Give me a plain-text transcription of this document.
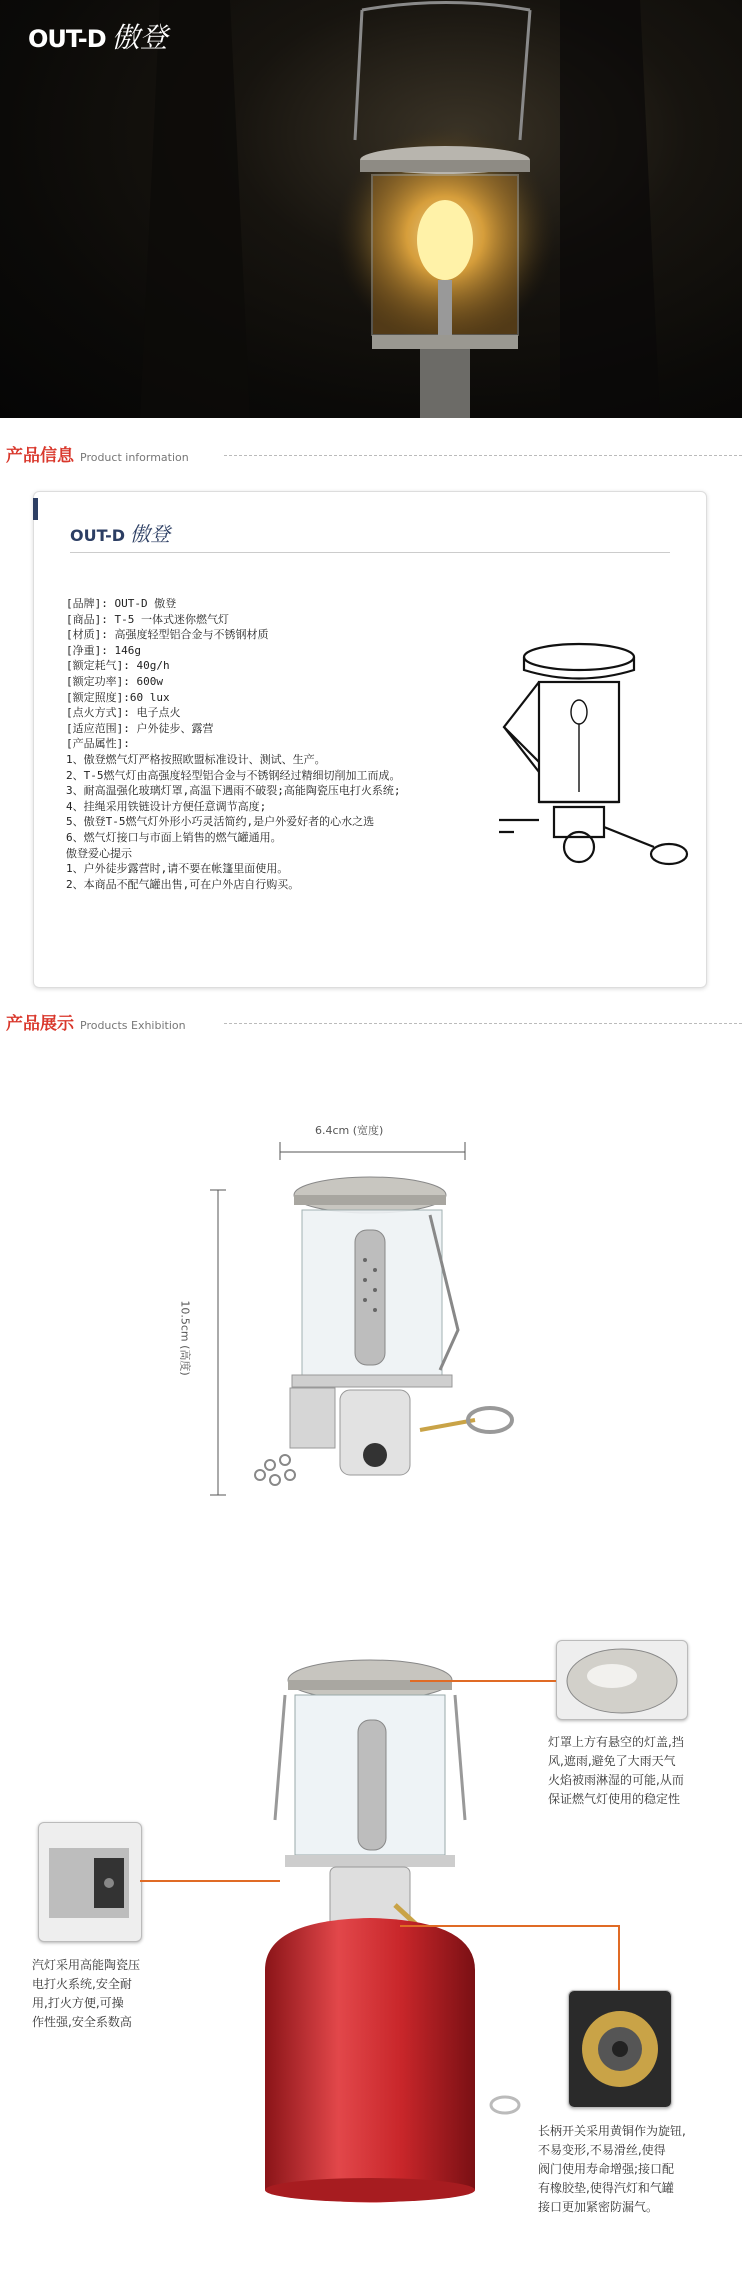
OUT-D 傲登
产品信息 Product information
OUT-D 傲登
[品牌]: OUT-D 傲登
[商品]: T-5 一体式迷你燃气灯
[材质]: 高强度轻型铝合金与不锈钢材质
[净重]: 146g
[额定耗气]: 40g/h
[额定功率]: 600w
[额定照度]:60 lux
[点火方式]: 电子点火
[适应范围]: 户外徒步、露营
[产品属性]:
1、傲登燃气灯严格按照欧盟标准设计、测试、生产。
2、T-5燃气灯由高强度轻型铝合金与不锈钢经过精细切削加工而成。
3、耐高温强化玻璃灯罩,高温下遇雨不破裂;高能陶瓷压电打火系统;
4、挂绳采用铁链设计方便任意调节高度;
5、傲登T-5燃气灯外形小巧灵活简约,是户外爱好者的心水之选
6、燃气灯接口与市面上销售的燃气罐通用。
傲登爱心提示
1、户外徒步露营时,请不要在帐篷里面使用。
2、本商品不配气罐出售,可在户外店自行购买。
产品展示 Products Exhibition
6.4cm (宽度)
10.5cm (高度)
灯罩上方有悬空的灯盖,挡
风,遮雨,避免了大雨天气
火焰被雨淋湿的可能,从而
保证燃气灯使用的稳定性
汽灯采用高能陶瓷压
电打火系统,安全耐
用,打火方便,可操
作性强,安全系数高
长柄开关采用黄铜作为旋钮,
不易变形,不易滑丝,使得
阀门使用寿命增强;接口配
有橡胶垫,使得汽灯和气罐
接口更加紧密防漏气。
